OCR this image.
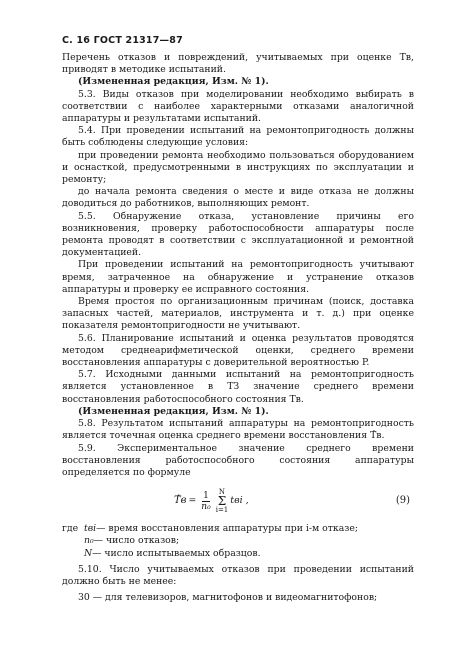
С. 16 ГОСТ 21317—87

Перечень отказов и повреждений, учитываемых при оценке Т̄в, приводят в методике испытаний.

(Измененная редакция, Изм. № 1).

5.3. Виды отказов при моделировании необходимо выбирать в соответствии с наиболее характерными отказами аналогичной аппаратуры и результатами испытаний.

5.4. При проведении испытаний на ремонтопригодность должны быть соблюдены следующие условия:

при проведении ремонта необходимо пользоваться оборудованием и оснасткой, предусмотренными в инструкциях по эксплуатации и ремонту;

до начала ремонта сведения о месте и виде отказа не должны доводиться до работников, выполняющих ремонт.

5.5. Обнаружение отказа, установление причины его возникновения, проверку работоспособности аппаратуры после ремонта проводят в соответствии с эксплуатационной и ремонтной документацией.

При проведении испытаний на ремонтопригодность учитывают время, затраченное на обнаружение и устранение отказов аппаратуры и проверку ее исправного состояния.

Время простоя по организационным причинам (поиск, доставка запасных частей, материалов, инструмента и т. д.) при оценке показателя ремонтопригодности не учитывают.

5.6. Планирование испытаний и оценка результатов проводятся методом среднеарифметической оценки, среднего времени восстановления аппаратуры с доверительной вероятностью P.

5.7. Исходными данными испытаний на ремонтопригодность является установленное в ТЗ значение среднего времени восстановления работоспособного состояния Т̄в.

(Измененная редакция, Изм. № 1).

5.8. Результатом испытаний аппаратуры на ремонтопригодность является точечная оценка среднего времени восстановления Т̂в.

5.9. Экспериментальное значение среднего времени восстановления работоспособного состояния аппаратуры определяется по формуле

Т̂в = $\frac{1}{\text{n₀}}$ N
Σ
i=1
tвi ,	(9)
где tвi — время восстановления аппаратуры при i-м отказе;
n₀ — число отказов;
N — число испытываемых образцов.

5.10. Число учитываемых отказов при проведении испытаний должно быть не менее:

30 — для телевизоров, магнитофонов и видеомагнитофонов;
